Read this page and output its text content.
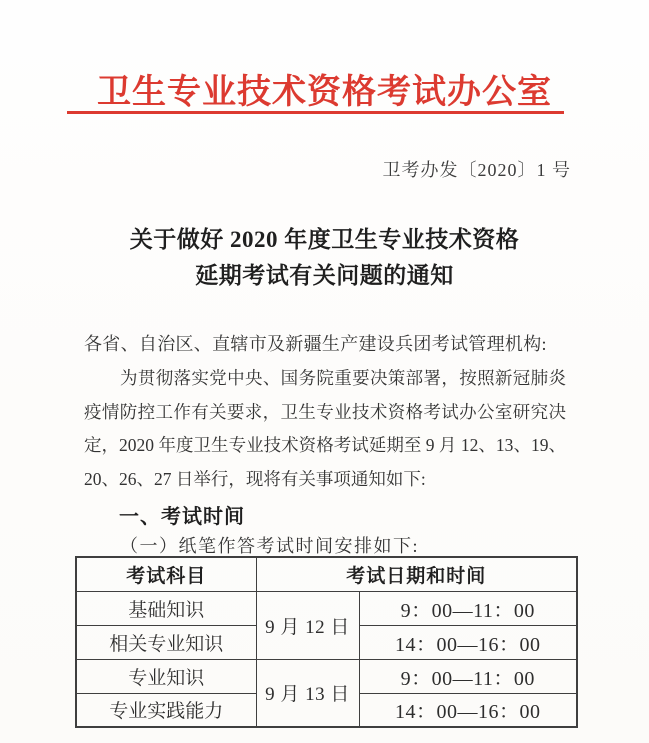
卫生专业技术资格考试办公室
卫考办发〔2020〕1 号
关于做好 2020 年度卫生专业技术资格
延期考试有关问题的通知
各省、自治区、直辖市及新疆生产建设兵团考试管理机构:
为贯彻落实党中央、国务院重要决策部署，按照新冠肺炎
疫情防控工作有关要求，卫生专业技术资格考试办公室研究决
定，2020 年度卫生专业技术资格考试延期至 9 月 12、13、19、
20、26、27 日举行，现将有关事项通知如下:
一、考试时间
（一）纸笔作答考试时间安排如下:
考试科目	考试日期和时间	
基础知识	9 月 12 日	9：00—11：00
相关专业知识		14：00—16：00
专业知识	9 月 13 日	9：00—11：00
专业实践能力		14：00—16：00
